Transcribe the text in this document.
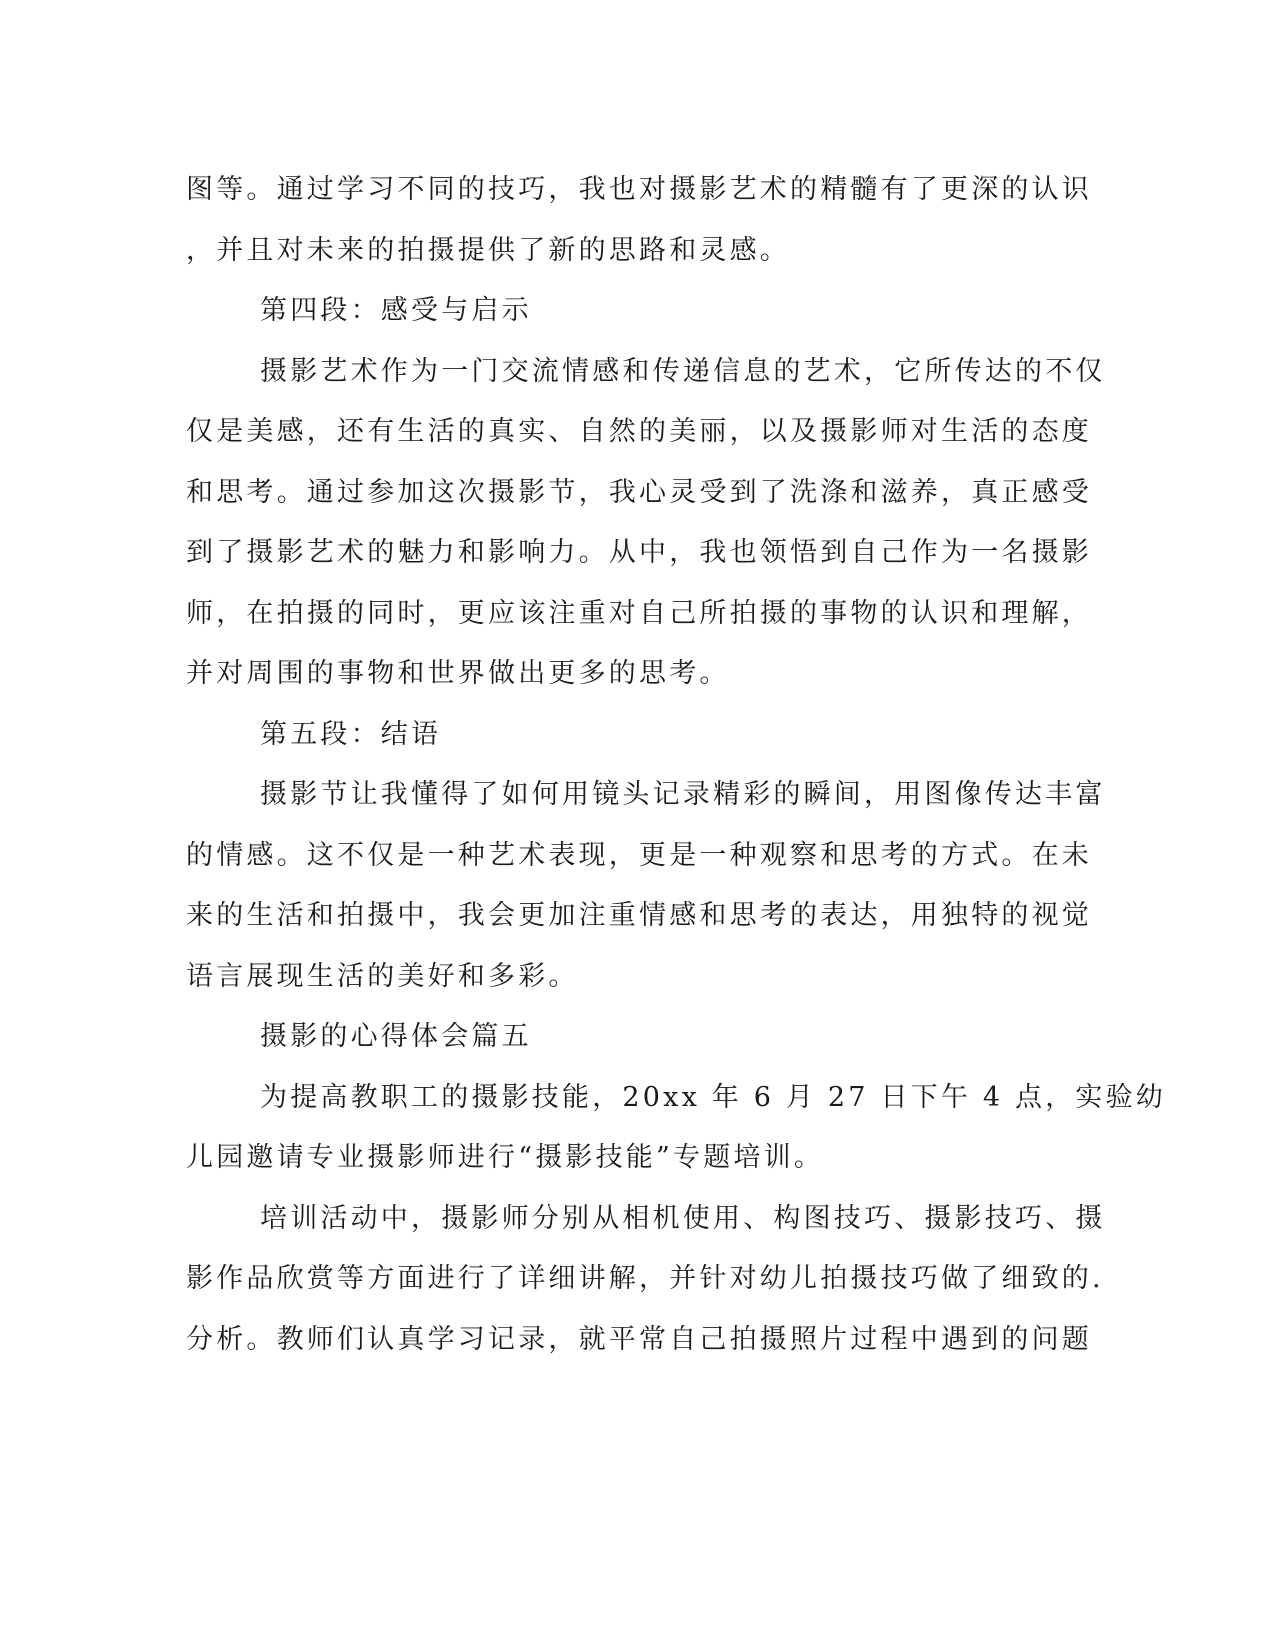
图等。通过学习不同的技巧，我也对摄影艺术的精髓有了更深的认识
，并且对未来的拍摄提供了新的思路和灵感。
第四段：感受与启示
摄影艺术作为一门交流情感和传递信息的艺术，它所传达的不仅
仅是美感，还有生活的真实、自然的美丽，以及摄影师对生活的态度
和思考。通过参加这次摄影节，我心灵受到了洗涤和滋养，真正感受
到了摄影艺术的魅力和影响力。从中，我也领悟到自己作为一名摄影
师，在拍摄的同时，更应该注重对自己所拍摄的事物的认识和理解，
并对周围的事物和世界做出更多的思考。
第五段：结语
摄影节让我懂得了如何用镜头记录精彩的瞬间，用图像传达丰富
的情感。这不仅是一种艺术表现，更是一种观察和思考的方式。在未
来的生活和拍摄中，我会更加注重情感和思考的表达，用独特的视觉
语言展现生活的美好和多彩。
摄影的心得体会篇五
为提高教职工的摄影技能，20xx 年 6 月 27 日下午 4 点，实验幼
儿园邀请专业摄影师进行“摄影技能”专题培训。
培训活动中，摄影师分别从相机使用、构图技巧、摄影技巧、摄
影作品欣赏等方面进行了详细讲解，并针对幼儿拍摄技巧做了细致的.
分析。教师们认真学习记录，就平常自己拍摄照片过程中遇到的问题
